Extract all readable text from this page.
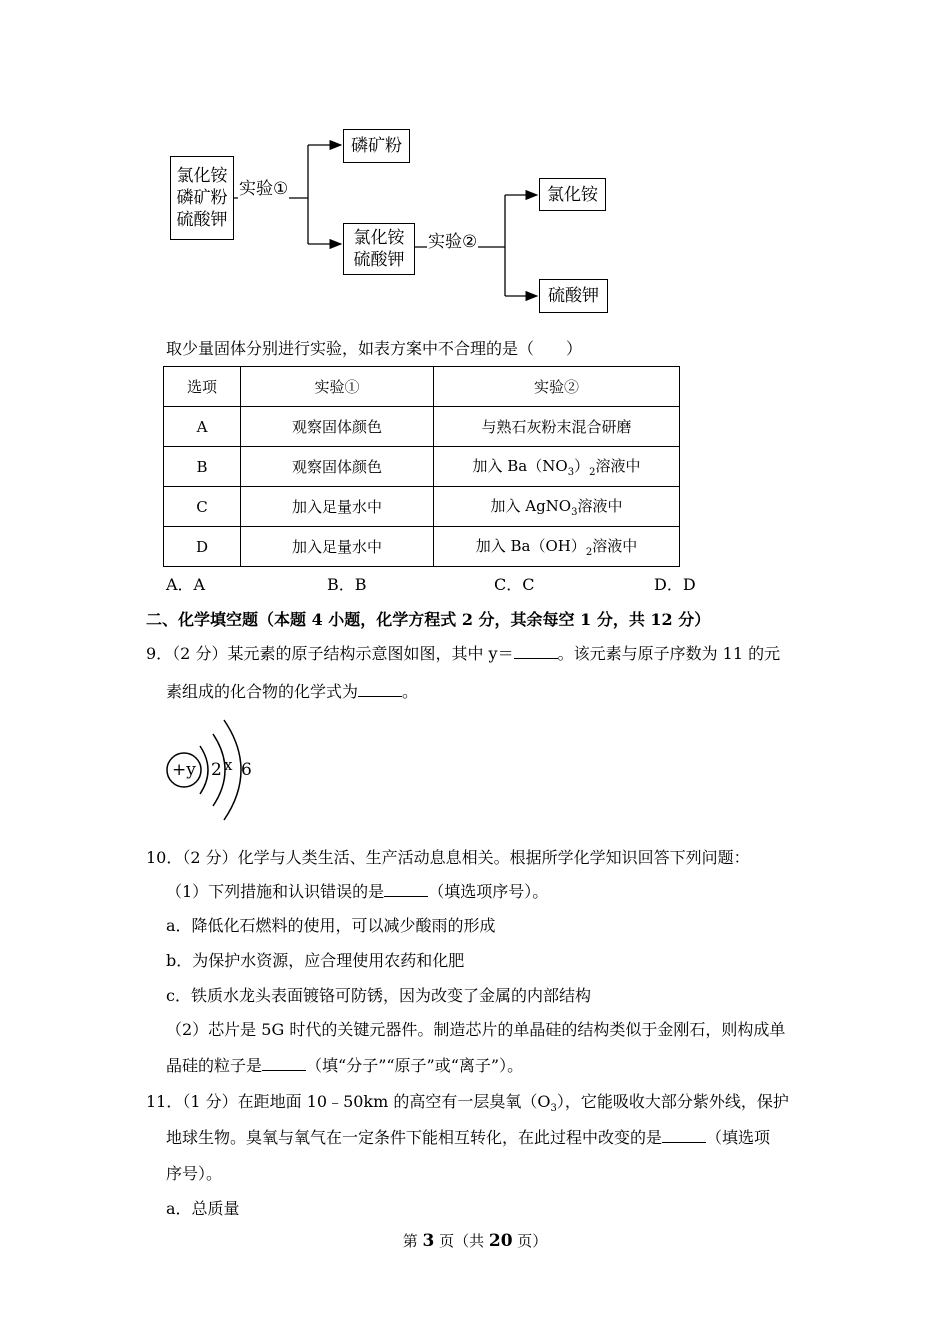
氯化铵
磷矿粉
硫酸钾
实验①
磷矿粉
氯化铵
硫酸钾
实验②
氯化铵
硫酸钾
取少量固体分别进行实验，如表方案中不合理的是（　　）
选项	实验①	实验②
A	观察固体颜色	与熟石灰粉末混合研磨
B	观察固体颜色	加入 $Ba(NO_3)_2$溶液中
C	加入足量水中	加入 AgNO$_3$溶液中
D	加入足量水中	加入 $Ba(OH)_2$溶液中
A．A	B．B	C．C	D．D
二、化学填空题（本题 4 小题，化学方程式 2 分，其余每空 1 分，共 12 分）
9．（2 分）某元素的原子结构示意图如图，其中 y＝	。该元素与原子序数为 11 的元
素组成的化合物的化学式为	。
+y 2 x 6
10．（2 分）化学与人类生活、生产活动息息相关。根据所学化学知识回答下列问题：
（1）下列措施和认识错误的是	（填选项序号）。
a．降低化石燃料的使用，可以减少酸雨的形成
b．为保护水资源，应合理使用农药和化肥
c．铁质水龙头表面镀铬可防锈，因为改变了金属的内部结构
（2）芯片是 5G 时代的关键元器件。制造芯片的单晶硅的结构类似于金刚石，则构成单
晶硅的粒子是	（填“分子”“原子”或“离子”）。
11．（1 分）在距地面 10﹣50km 的高空有一层臭氧$(O_3)$，它能吸收大部分紫外线，保护
地球生物。臭氧与氧气在一定条件下能相互转化，在此过程中改变的是	（填选项
序号）。
a．总质量
第 3 页（共 20 页）
